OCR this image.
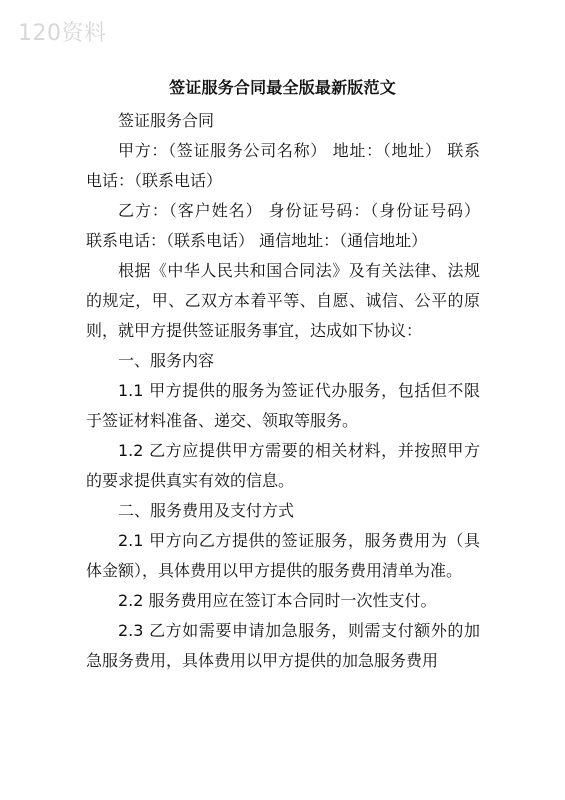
120资料
签证服务合同最全版最新版范文

签证服务合同

甲方：（签证服务公司名称） 地址：（地址） 联系电话：（联系电话）

乙方：（客户姓名） 身份证号码：（身份证号码） 联系电话：（联系电话） 通信地址：（通信地址）

根据《中华人民共和国合同法》及有关法律、法规的规定，甲、乙双方本着平等、自愿、诚信、公平的原则，就甲方提供签证服务事宜，达成如下协议：

一、服务内容

1.1 甲方提供的服务为签证代办服务，包括但不限于签证材料准备、递交、领取等服务。

1.2 乙方应提供甲方需要的相关材料，并按照甲方的要求提供真实有效的信息。

二、服务费用及支付方式

2.1 甲方向乙方提供的签证服务，服务费用为（具体金额），具体费用以甲方提供的服务费用清单为准。

2.2 服务费用应在签订本合同时一次性支付。

2.3 乙方如需要申请加急服务，则需支付额外的加急服务费用，具体费用以甲方提供的加急服务费用
